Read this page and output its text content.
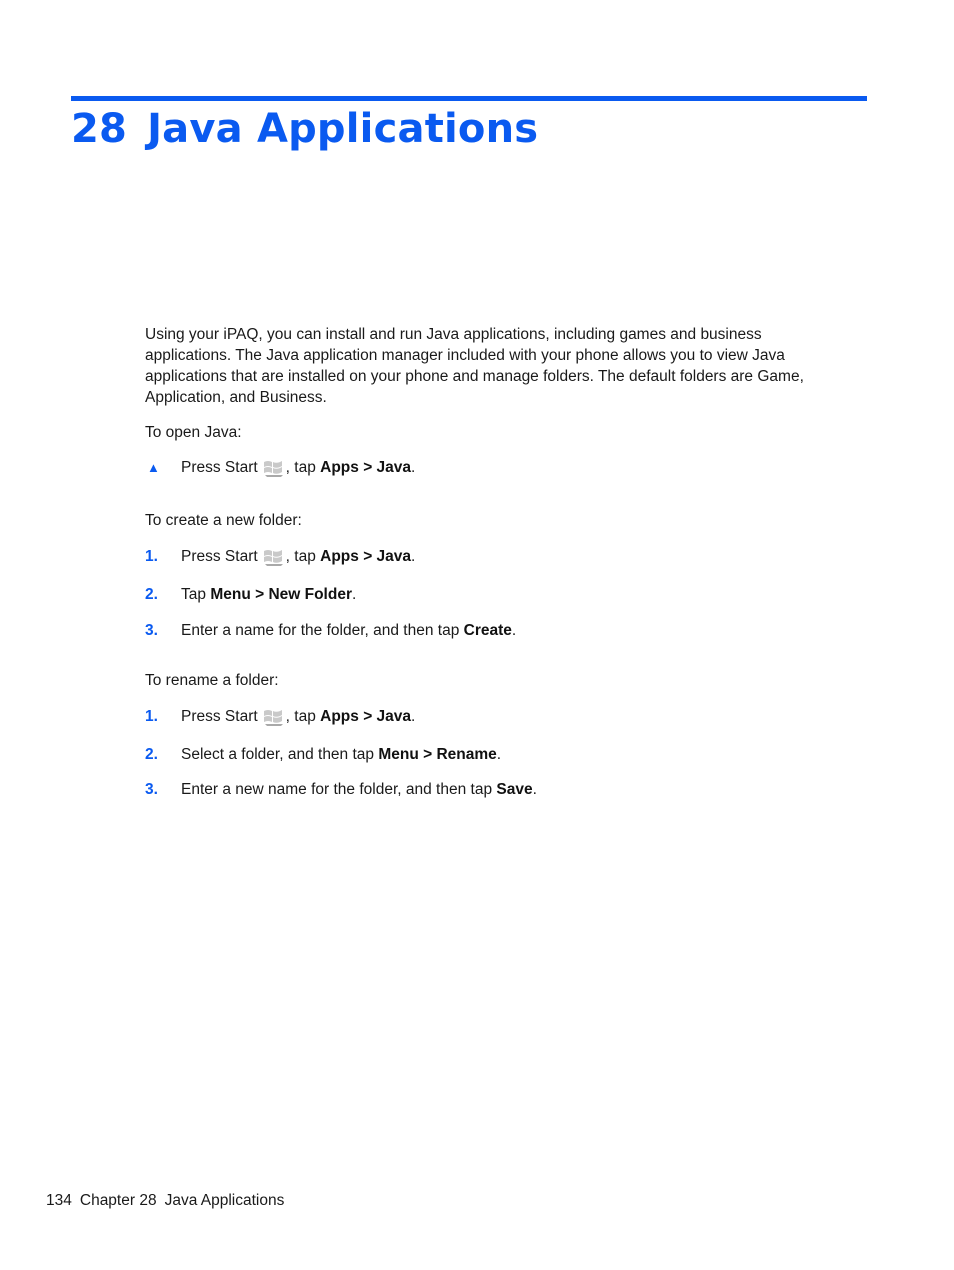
28 Java Applications

Using your iPAQ, you can install and run Java applications, including games and business applications. The Java application manager included with your phone allows you to view Java applications that are installed on your phone and manage folders. The default folders are Game, Application, and Business.

To open Java:

▲	Press Start , tap Apps > Java.

To create a new folder:

1.	Press Start , tap Apps > Java.
2.	Tap Menu > New Folder.
3.	Enter a name for the folder, and then tap Create.

To rename a folder:

1.	Press Start , tap Apps > Java.
2.	Select a folder, and then tap Menu > Rename.
3.	Enter a new name for the folder, and then tap Save.
134 Chapter 28 Java Applications
